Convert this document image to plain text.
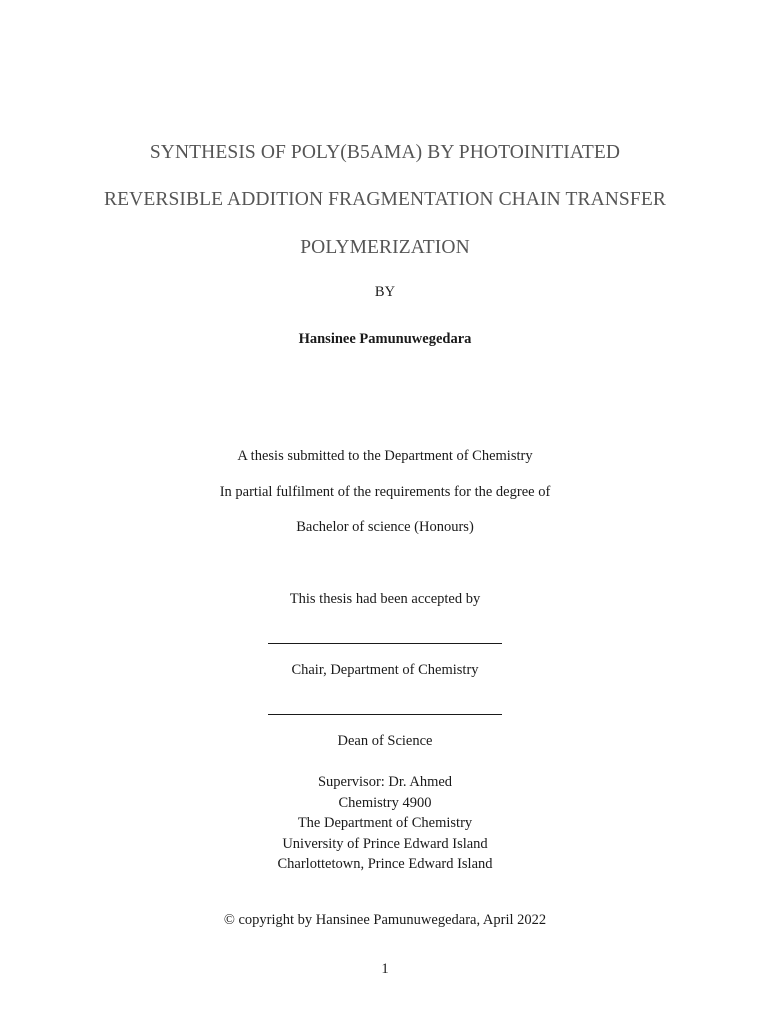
SYNTHESIS OF POLY(B5AMA) BY PHOTOINITIATED
REVERSIBLE ADDITION FRAGMENTATION CHAIN TRANSFER
POLYMERIZATION
BY
Hansinee Pamunuwegedara
A thesis submitted to the Department of Chemistry
In partial fulfilment of the requirements for the degree of
Bachelor of science (Honours)
This thesis had been accepted by
Chair, Department of Chemistry
Dean of Science
Supervisor: Dr. Ahmed
Chemistry 4900
The Department of Chemistry
University of Prince Edward Island
Charlottetown, Prince Edward Island
© copyright by Hansinee Pamunuwegedara, April 2022
1
